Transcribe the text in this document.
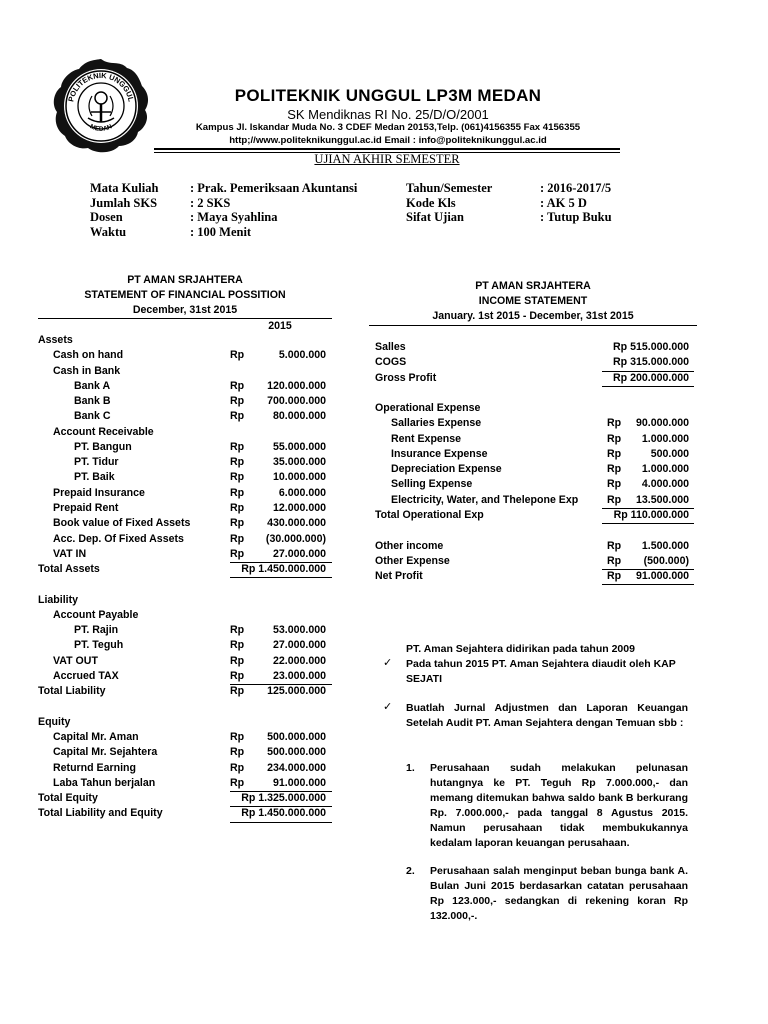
POLITEKNIK UNGGUL
MEDAN
POLITEKNIK UNGGUL LP3M MEDAN
SK Mendiknas RI No. 25/D/O/2001
Kampus Jl. Iskandar Muda No. 3 CDEF Medan 20153,Telp. (061)4156355 Fax 4156355
http;//www.politeknikunggul.ac.id Email : info@politeknikunggul.ac.id
UJIAN AKHIR SEMESTER
Mata Kuliah	: Prak. Pemeriksaan Akuntansi
Jumlah SKS	: 2 SKS
Dosen	: Maya Syahlina
Waktu	: 100 Menit
Tahun/Semester	: 2016-2017/5
Kode Kls	: AK 5 D
Sifat Ujian	: Tutup Buku
PT AMAN SRJAHTERA
STATEMENT OF FINANCIAL POSSITION
December, 31st 2015
2015
Assets
Cash on hand	Rp	5.000.000
Cash in Bank
Bank A	Rp	120.000.000
Bank B	Rp	700.000.000
Bank C	Rp	80.000.000
Account Receivable
PT. Bangun	Rp	55.000.000
PT. Tidur	Rp	35.000.000
PT. Baik	Rp	10.000.000
Prepaid Insurance	Rp	6.000.000
Prepaid Rent	Rp	12.000.000
Book value of Fixed Assets	Rp	430.000.000
Acc. Dep. Of Fixed Assets	Rp	(30.000.000)
VAT IN	Rp	27.000.000
Total Assets	Rp 1.450.000.000
Liability
Account Payable
PT. Rajin	Rp	53.000.000
PT. Teguh	Rp	27.000.000
VAT OUT	Rp	22.000.000
Accrued TAX	Rp	23.000.000
Total Liability	Rp	125.000.000
Equity
Capital Mr. Aman	Rp	500.000.000
Capital Mr. Sejahtera	Rp	500.000.000
Returnd Earning	Rp	234.000.000
Laba Tahun berjalan	Rp	91.000.000
Total Equity	Rp 1.325.000.000
Total Liability and Equity	Rp 1.450.000.000
PT AMAN SRJAHTERA
INCOME STATEMENT
January. 1st 2015 - December, 31st 2015
Salles	Rp 515.000.000
COGS	Rp 315.000.000
Gross Profit	Rp 200.000.000
Operational Expense
Sallaries Expense	Rp	90.000.000
Rent Expense	Rp	1.000.000
Insurance Expense	Rp	500.000
Depreciation Expense	Rp	1.000.000
Selling Expense	Rp	4.000.000
Electricity, Water, and Thelepone Exp	Rp	13.500.000
Total Operational Exp	Rp 110.000.000
Other income	Rp	1.500.000
Other Expense	Rp	(500.000)
Net Profit	Rp	91.000.000
PT. Aman Sejahtera didirikan pada tahun 2009
✓ Pada tahun 2015 PT. Aman Sejahtera diaudit oleh KAP SEJATI
✓ Buatlah Jurnal Adjustmen dan Laporan Keuangan Setelah Audit PT. Aman Sejahtera dengan Temuan sbb :
1. Perusahaan sudah melakukan pelunasan hutangnya ke PT. Teguh Rp 7.000.000,- dan memang ditemukan bahwa saldo bank B berkurang Rp. 7.000.000,- pada tanggal 8 Agustus 2015. Namun perusahaan tidak membukukannya kedalam laporan keuangan perusahaan.
2. Perusahaan salah menginput beban bunga bank A. Bulan Juni 2015 berdasarkan catatan perusahaan Rp 123.000,- sedangkan di rekening koran Rp 132.000,-.
